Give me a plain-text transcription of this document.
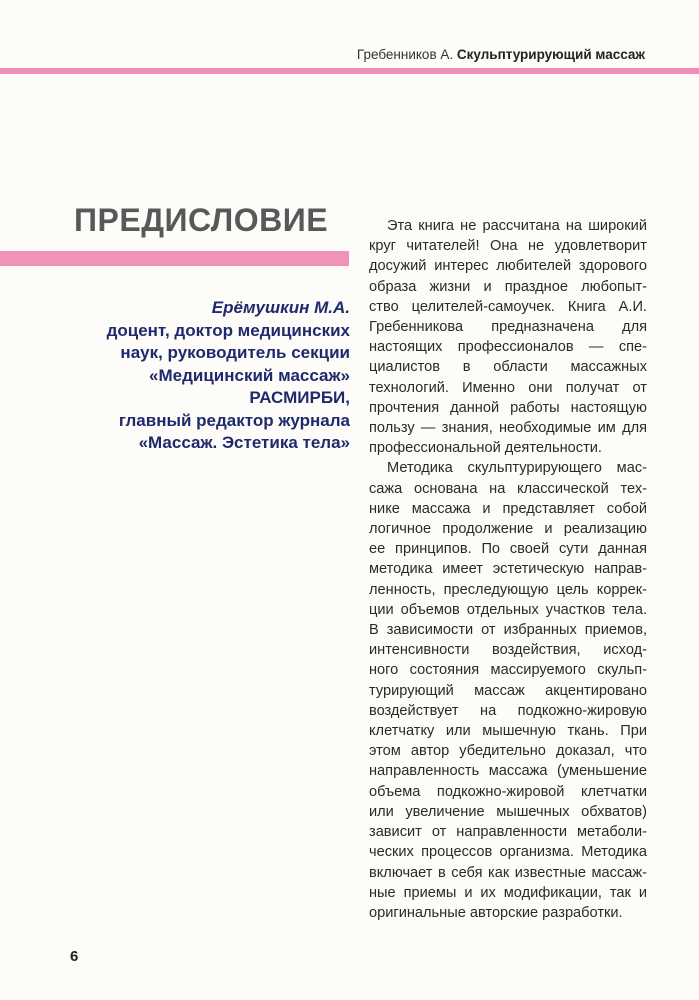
Гребенников А. Скульптурирующий массаж
ПРЕДИСЛОВИЕ
Ерёмушкин М.А.
доцент, доктор медицинских
наук, руководитель секции
«Медицинский массаж»
РАСМИРБИ,
главный редактор журнала
«Массаж. Эстетика тела»
Эта книга не рассчитана на широкий
круг читателей! Она не удовлетворит
досужий интерес любителей здорового
образа жизни и праздное любопыт-
ство целителей-самоучек. Книга А.И.
Гребенникова предназначена для
настоящих профессионалов — спе-
циалистов в области массажных
технологий. Именно они получат от
прочтения данной работы настоящую
пользу — знания, необходимые им для
профессиональной деятельности.
Методика скульптурирующего мас-
сажа основана на классической тех-
нике массажа и представляет собой
логичное продолжение и реализацию
ее принципов. По своей сути данная
методика имеет эстетическую направ-
ленность, преследующую цель коррек-
ции объемов отдельных участков тела.
В зависимости от избранных приемов,
интенсивности воздействия, исход-
ного состояния массируемого скульп-
турирующий массаж акцентировано
воздействует на подкожно-жировую
клетчатку или мышечную ткань. При
этом автор убедительно доказал, что
направленность массажа (уменьшение
объема подкожно-жировой клетчатки
или увеличение мышечных обхватов)
зависит от направленности метаболи-
ческих процессов организма. Методика
включает в себя как известные массаж-
ные приемы и их модификации, так и
оригинальные авторские разработки.
6
